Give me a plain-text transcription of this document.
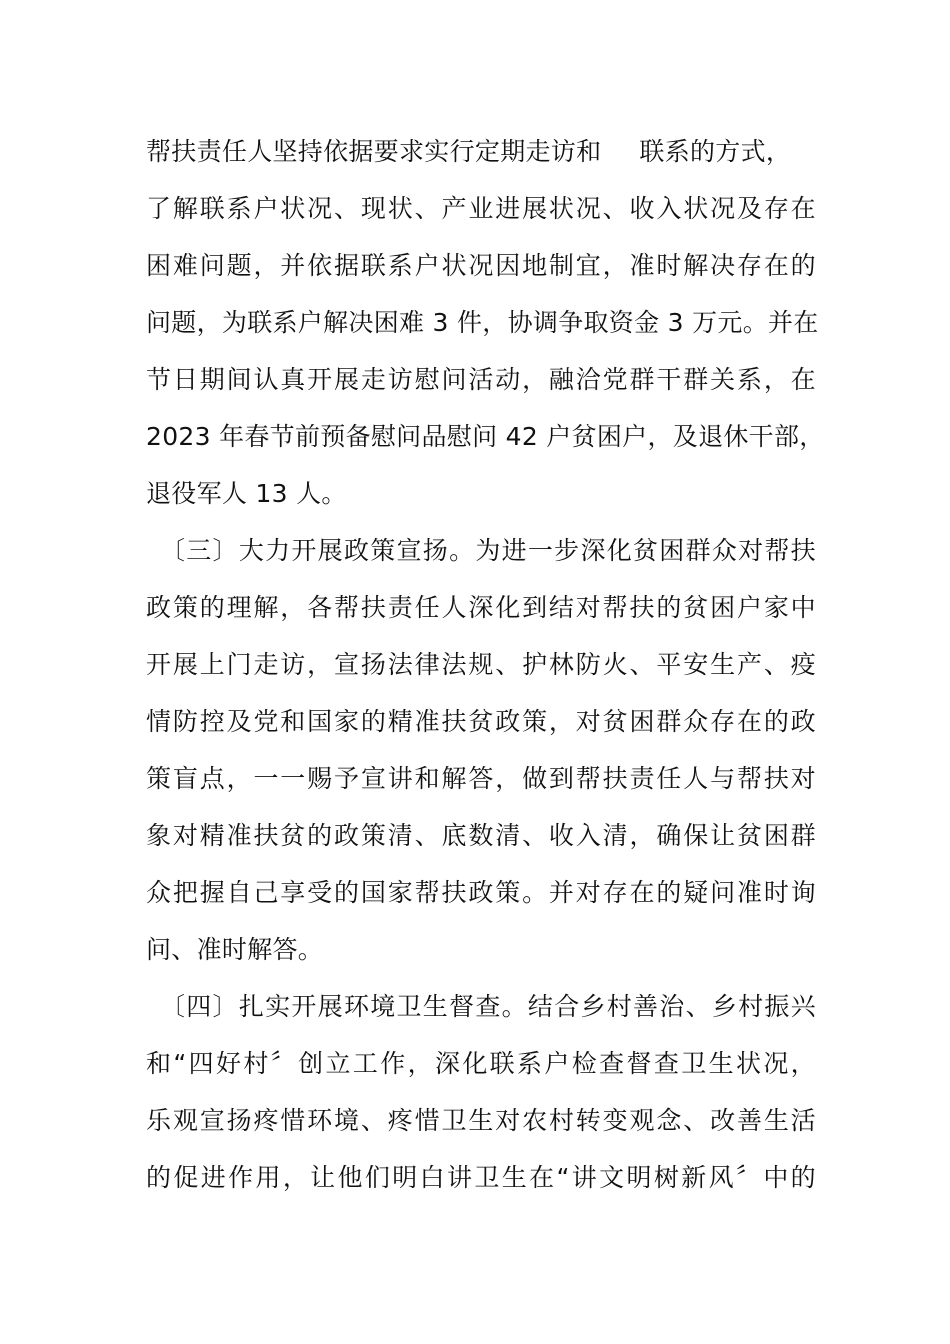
帮扶责任人坚持依据要求实行定期走访和 联系的方式，
了解联系户状况、现状、产业进展状况、收入状况及存在
困难问题，并依据联系户状况因地制宜，准时解决存在的
问题，为联系户解决困难 3 件，协调争取资金 3 万元。并在
节日期间认真开展走访慰问活动，融洽党群干群关系，在
2023 年春节前预备慰问品慰问 42 户贫困户，及退休干部，
退役军人 13 人。
〔三〕大力开展政策宣扬。为进一步深化贫困群众对帮扶
政策的理解，各帮扶责任人深化到结对帮扶的贫困户家中
开展上门走访，宣扬法律法规、护林防火、平安生产、疫
情防控及党和国家的精准扶贫政策，对贫困群众存在的政
策盲点，一一赐予宣讲和解答，做到帮扶责任人与帮扶对
象对精准扶贫的政策清、底数清、收入清，确保让贫困群
众把握自己享受的国家帮扶政策。并对存在的疑问准时询
问、准时解答。
〔四〕扎实开展环境卫生督查。结合乡村善治、乡村振兴
和“四好村〞创立工作，深化联系户检查督查卫生状况，
乐观宣扬疼惜环境、疼惜卫生对农村转变观念、改善生活
的促进作用，让他们明白讲卫生在“讲文明树新风〞中的
